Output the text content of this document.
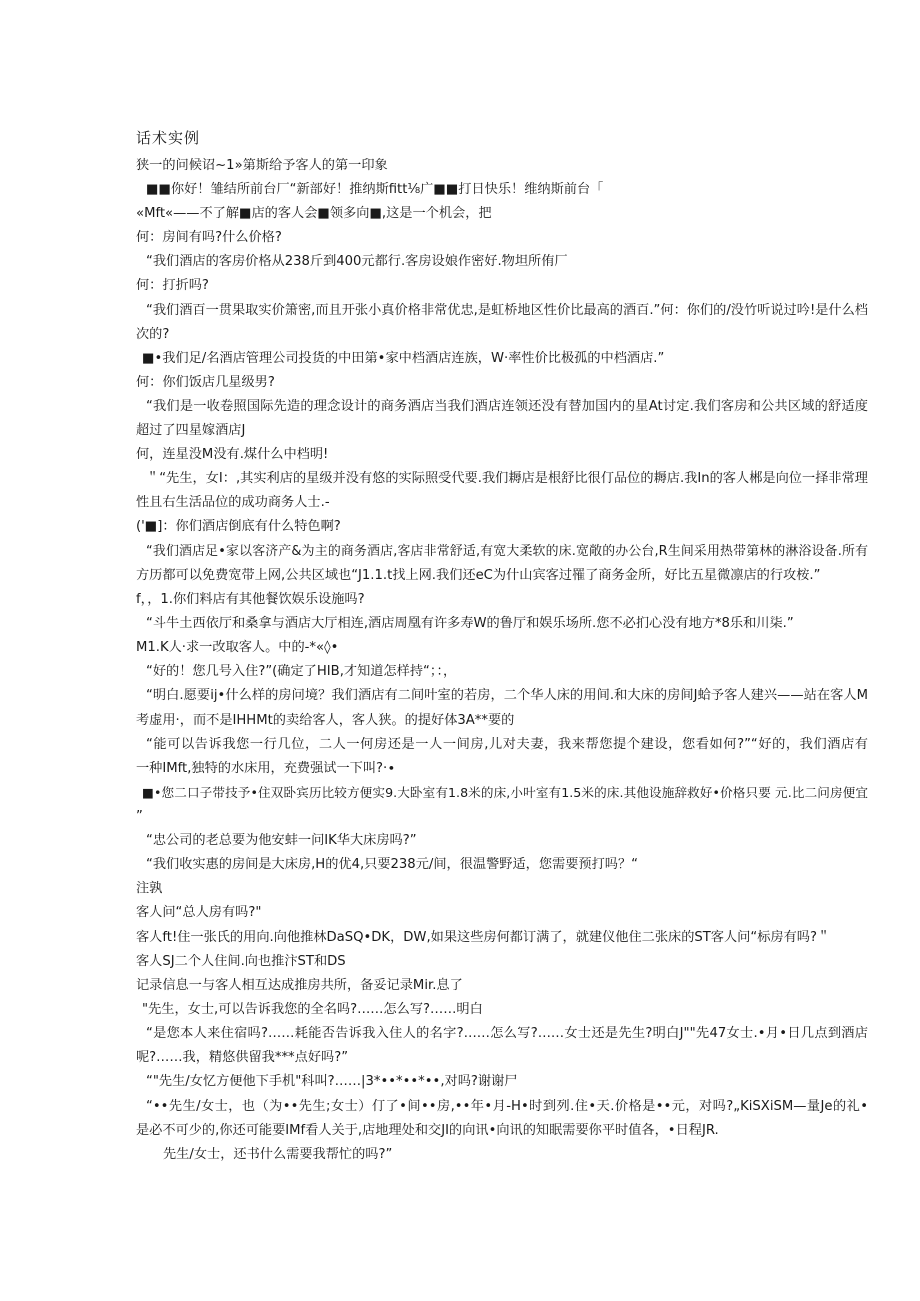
话术实例
狭一的问候诏~1»第斯给予客人的第一印象
■■你好！雏结所前台厂“新部好！推纳斯fitt⅛广■■打日快乐！维纳斯前台「
«Mft«——不了解■店的客人会■领多向■,这是一个机会，把
何：房间有吗?什么价格?
“我们酒店的客房价格从238斤到400元都行.客房设娘作密好.物坦所侑厂
何：打折吗?
“我们酒百一贯果取实价箫密,而且开张小真价格非常优忠,是虹桥地区性价比最高的酒百.”何：你们的/没竹听说过吟!是什么档
次的?
■•我们足/名酒店管理公司投货的中田第•家中档酒店连族，W·率性价比极孤的中档酒店.”
何：你们饭店几星级男?
“我们是一收卷照国际先造的理念设计的商务酒店当我们酒店连领还没有替加国内的星At讨定.我们客房和公共区域的舒适度
超过了四星嫁酒店J
何，连星没M没有.煤什么中档明!
＂“先生，女I：,其实利店的星级并没有悠的实际照受代要.我们耨店是根舒比很仃品位的耨店.我In的客人郴是向位一择非常理
性且右生活品位的成功商务人士.-
('■]：你们酒店倒底有什么特色啊?
“我们酒店足•家以客济产&为主的商务酒店,客店非常舒适,有宽大柔软的床.宽敞的办公台,R生间采用热带第林的淋浴设备.所有
方历都可以免费宽带上网,公共区域也“J1.1.t找上网.我们还eC为什山宾客过罹了商务金所，好比五星微凛店的行攻桉.”
f，，1.你们料店有其他餐饮娱乐设施吗?
“斗牛土西依厅和桑拿与酒店大厅相连,酒店周凰有许多寿W的鲁厅和娱乐场所.您不必扪心没有地方*8乐和川柒.”
M1.K人·求一改取客人。中的-*«◊•
“好的！您几号入住?”(确定了HIB,才知道怎样持“；：，
“明白.愿要ij•什么样的房问境？我们酒店有二间叶室的若房，二个华人床的用间.和大床的房间J蛤予客人建兴——站在客人M
考虚用·，而不是IHHMt的卖给客人，客人狭。的提好体3A**要的
“能可以告诉我您一行几位，二人一何房还是一人一间房,儿对夫妻，我来帮您提个建设，您看如何?”“好的，我们酒店有
一种IMft,独特的水床用，充费强试一下叫?·∙
■•您二口子带技予•住双卧宾历比较方便实9.大卧室有1.8米的床,小叶室有1.5米的床.其他设施辞救好•价格只要 元.比二问房便宜
”
“忠公司的老总要为他安蚌一问IK华大床房吗?”
“我们收实惠的房间是大床房,H的优4,只要238元/间，很温警野适，您需要预打吗？“
注孰
客人问“总人房有吗?"
客人ft!住一张氏的用向.向他推林DaSQ•DK，DW,如果这些房何都订满了，就建仪他住二张床的ST客人问“标房有吗?＂
客人SJ二个人住间.向也推汴ST和DS
记录信息一与客人相互达成推房共所，备妥记录Mir.息了
"先生，女士,可以告诉我您的全名吗?……怎么写?……明白
“是您本人来住宿吗?……耗能否告诉我入住人的名字?……怎么写?……女士还是先生?明白J""先47女士.•月•日几点到酒店
呢?……我，精悠供留我***点好吗?”
“"先生/女忆方便他下手机"科叫?……|3*••*••*••,对吗?谢谢尸
“••先生/女士，也（为••先生;女士）仃了•间••房,••年•月-H•时到列.住•天.价格是••元，对吗?„KiSXiSM—量Je的礼•
是必不可少的,你还可能要IMf看人关于,店地理处和交JI的向讯•向讯的知眠需要你平时值各，•日程JR.
先生/女士，还书什么需要我帮忙的吗?”
